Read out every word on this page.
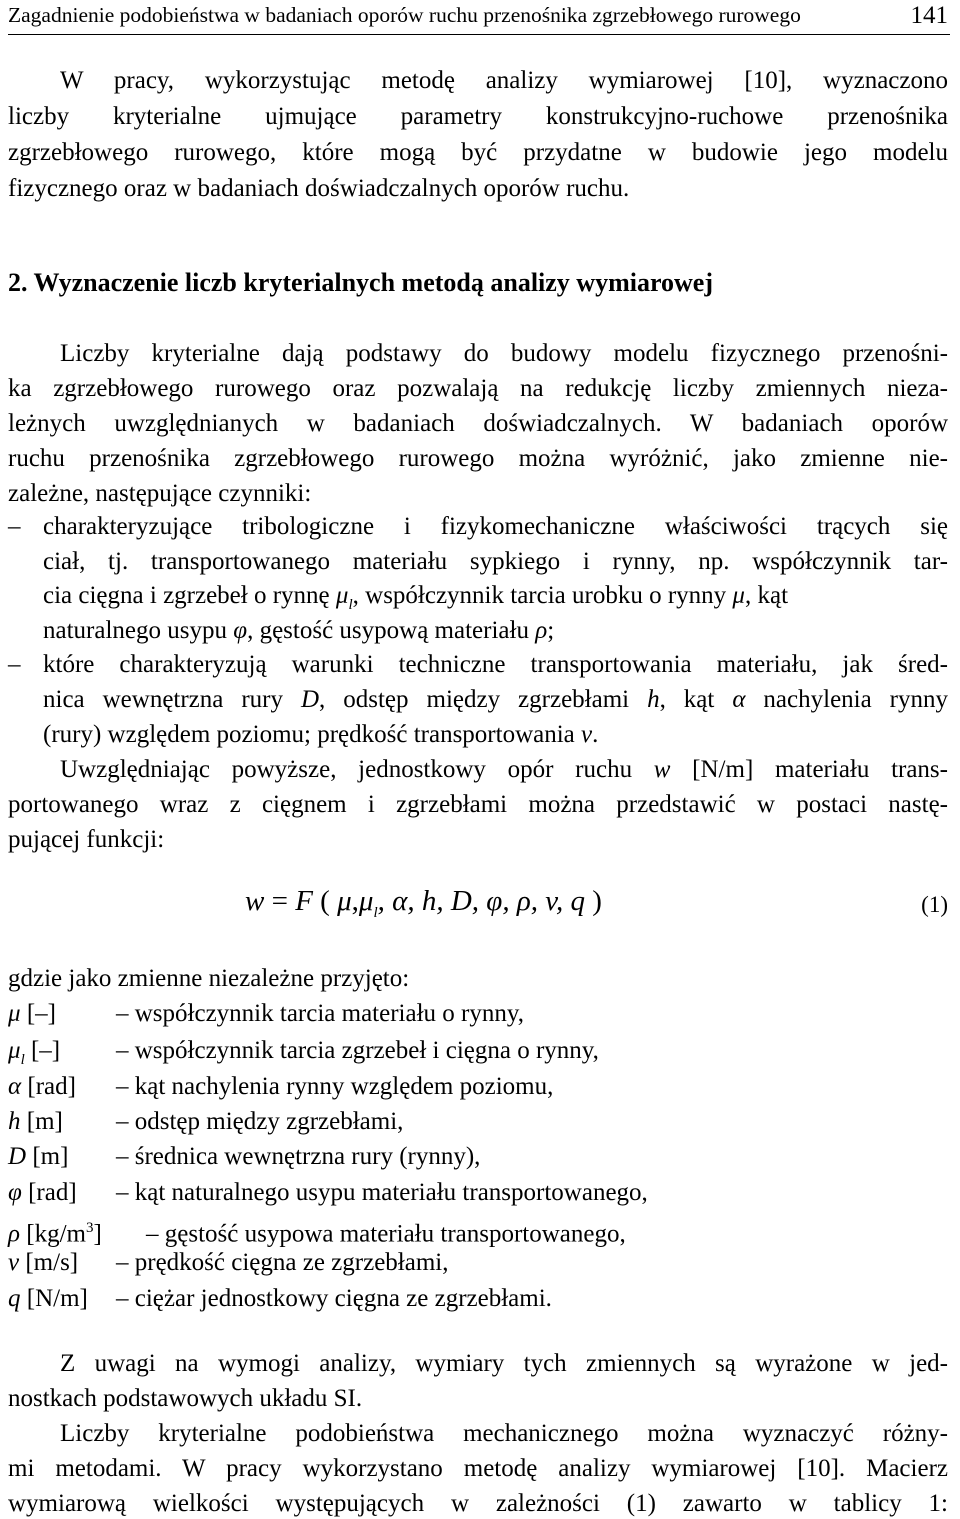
Zagadnienie podobieństwa w badaniach oporów ruchu przenośnika zgrzebłowego rurowego	141
W pracy, wykorzystując metodę analizy wymiarowej [10], wyznaczono
liczby kryterialne ujmujące parametry konstrukcyjno-ruchowe przenośnika
zgrzebłowego rurowego, które mogą być przydatne w budowie jego modelu
fizycznego oraz w badaniach doświadczalnych oporów ruchu.
2. Wyznaczenie liczb kryterialnych metodą analizy wymiarowej
Liczby kryterialne dają podstawy do budowy modelu fizycznego przenośni-
ka zgrzebłowego rurowego oraz pozwalają na redukcję liczby zmiennych nieza-
leżnych uwzględnianych w badaniach doświadczalnych. W badaniach oporów
ruchu przenośnika zgrzebłowego rurowego można wyróżnić, jako zmienne nie-
zależne, następujące czynniki:
– charakteryzujące tribologiczne i fizykomechaniczne właściwości trących się
ciał, tj. transportowanego materiału sypkiego i rynny, np. współczynnik tar-
cia cięgna i zgrzebeł o rynnę $\mu_l$, współczynnik tarcia urobku o rynny μ, kąt
naturalnego usypu φ, gęstość usypową materiału ρ;
– które charakteryzują warunki techniczne transportowania materiału, jak śred-
nica wewnętrzna rury D, odstęp między zgrzebłami h, kąt α nachylenia rynny
(rury) względem poziomu; prędkość transportowania v.
Uwzględniając powyższe, jednostkowy opór ruchu w [N/m] materiału trans-
portowanego wraz z cięgnem i zgrzebłami można przedstawić w postaci nastę-
pującej funkcji:
w = F ( $\mu,\mu_l$, α, h, D, φ, ρ, v, q )	(1)
gdzie jako zmienne niezależne przyjęto:
μ [–] – współczynnik tarcia materiału o rynny,
$\mu_l$ [–] – współczynnik tarcia zgrzebeł i cięgna o rynny,
α [rad] – kąt nachylenia rynny względem poziomu,
h [m] – odstęp między zgrzebłami,
D [m] – średnica wewnętrzna rury (rynny),
φ [rad] – kąt naturalnego usypu materiału transportowanego,
ρ $[kg/m^3]$ – gęstość usypowa materiału transportowanego,
v [m/s] – prędkość cięgna ze zgrzebłami,
q [N/m] – ciężar jednostkowy cięgna ze zgrzebłami.
Z uwagi na wymogi analizy, wymiary tych zmiennych są wyrażone w jed-
nostkach podstawowych układu SI.
Liczby kryterialne podobieństwa mechanicznego można wyznaczyć różny-
mi metodami. W pracy wykorzystano metodę analizy wymiarowej [10]. Macierz
wymiarową wielkości występujących w zależności (1) zawarto w tablicy 1:
